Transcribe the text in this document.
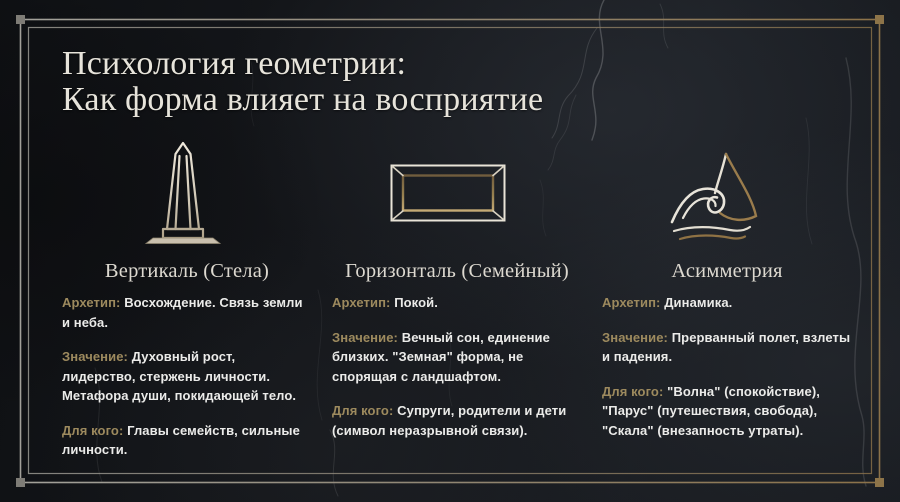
Психология геометрии:
Как форма влияет на восприятие
Вертикаль (Стела)

Архетип: Восхождение. Связь земли и неба.

Значение: Духовный рост, лидерство, стержень личности. Метафора души, покидающей тело.

Для кого: Главы семейств, сильные личности.

Горизонталь (Семейный)

Архетип: Покой.

Значение: Вечный сон, единение близких. "Земная" форма, не спорящая с ландшафтом.

Для кого: Супруги, родители и дети (символ неразрывной связи).

Асимметрия

Архетип: Динамика.

Значение: Прерванный полет, взлеты и падения.

Для кого: "Волна" (спокойствие), "Парус" (путешествия, свобода), "Скала" (внезапность утраты).
